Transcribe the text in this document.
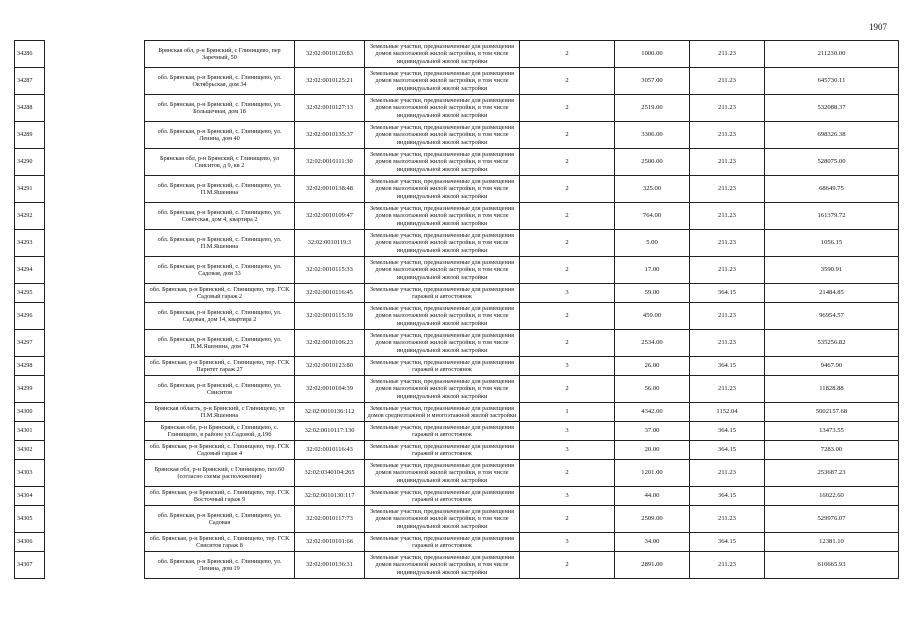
1907
34286		Брянская обл, р-н Брянский, с Глинищево, пер Заречный, 50	32:02:0010120:83	Земельные участки, предназначенные для размещения домов малоэтажной жилой застройки, в том числе индивидуальной жилой застройки	2	1000.00	211.23	211230.00
34287		обл. Брянская, р-н Брянский, с. Глинищево, ул. Октябрьская, дом 34	32:02:0010125:21	Земельные участки, предназначенные для размещения домов малоэтажной жилой застройки, в том числе индивидуальной жилой застройки	2	3057.00	211.23	645730.11
34288		обл. Брянская, р-н Брянский, с. Глинищево, ул. Большечная, дом 18	32:02:0010127:13	Земельные участки, предназначенные для размещения домов малоэтажной жилой застройки, в том числе индивидуальной жилой застройки	2	2519.00	211.23	532088.37
34289		обл. Брянская, р-н Брянский, с. Глинищево, ул. Ленина, дом 40	32:02:0010135:37	Земельные участки, предназначенные для размещения домов малоэтажной жилой застройки, в том числе индивидуальной жилой застройки	2	3306.00	211.23	698326.38
34290		Брянская обл, р-н Брянский, с Глинищево, ул Свиситов, д 9, кв 2	32:02:0010111:30	Земельные участки, предназначенные для размещения домов малоэтажной жилой застройки, в том числе индивидуальной жилой застройки	2	2500.00	211.23	528075.00
34291		обл. Брянская, р-н Брянский, с. Глинищево, ул. П.М.Яшенина	32:02:0010138:48	Земельные участки, предназначенные для размещения домов малоэтажной жилой застройки, в том числе индивидуальной жилой застройки	2	325.00	211.23	68649.75
34292		обл. Брянская, р-н Брянский, с. Глинищево, ул. Советская, дом 4, квартира 2	32:02:0010109:47	Земельные участки, предназначенные для размещения домов малоэтажной жилой застройки, в том числе индивидуальной жилой застройки	2	764.00	211.23	161379.72
34293		обл. Брянская, р-н Брянский, с. Глинищево, ул. П.М.Яшенина	32:02:0010119:3	Земельные участки, предназначенные для размещения домов малоэтажной жилой застройки, в том числе индивидуальной жилой застройки	2	5.00	211.23	1056.15
34294		обл. Брянская, р-н Брянский, с. Глинищево, ул. Садовая, дом 33	32:02:0010115:33	Земельные участки, предназначенные для размещения домов малоэтажной жилой застройки, в том числе индивидуальной жилой застройки	2	17.00	211.23	3590.91
34295		обл. Брянская, р-н Брянский, с. Глинищево, тер. ГСК Садовый гараж 2	32:02:0010116:45	Земельные участки, предназначенные для размещения гаражей и автостоянок	3	59.00	364.15	21484.85
34296		обл. Брянская, р-н Брянский, с. Глинищево, ул. Садовая, дом 14, квартира 2	32:02:0010115:39	Земельные участки, предназначенные для размещения домов малоэтажной жилой застройки, в том числе индивидуальной жилой застройки	2	459.00	211.23	96954.57
34297		обл. Брянская, р-н Брянский, с. Глинищево, ул. П.М.Яшенина, дом 74	32:02:0010106:23	Земельные участки, предназначенные для размещения домов малоэтажной жилой застройки, в том числе индивидуальной жилой застройки	2	2534.00	211.23	535256.82
34298		обл. Брянская, р-н Брянский, с. Глинищево, тер. ГСК Паритет гараж 27	32:02:0010123:80	Земельные участки, предназначенные для размещения гаражей и автостоянок	3	26.00	364.15	9467.90
34299		обл. Брянская, р-н Брянский, с. Глинищево, ул. Свиситов	32:02:0010104:39	Земельные участки, предназначенные для размещения домов малоэтажной жилой застройки, в том числе индивидуальной жилой застройки	2	56.00	211.23	11828.88
34300		Брянская область, р-н Брянский, с Глинищево, ул П.М.Яшенина	32:02:0010136:112	Земельные участки, предназначенные для размещения домов среднеэтажной и многоэтажной жилой застройки	1	4342.00	1152.04	5002157.68
34301		Брянская обл, р-н Брянский, с Глинищево, с. Глинищево, в районе ул.Садовой, д.19б	32:02:0010117:130	Земельные участки, предназначенные для размещения гаражей и автостоянок	3	37.00	364.15	13473.55
34302		обл. Брянская, р-н Брянский, с. Глинищево, тер. ГСК Садовый гараж 4	32:02:0010116:43	Земельные участки, предназначенные для размещения гаражей и автостоянок	3	20.00	364.15	7283.00
34303		Брянская обл, р-н Брянский, с Глинищево, поз.60 (согласно схемы расположения)	32:02:0340104:265	Земельные участки, предназначенные для размещения домов малоэтажной жилой застройки, в том числе индивидуальной жилой застройки	2	1201.00	211.23	253687.23
34304		обл. Брянская, р-н Брянский, с. Глинищево, тер. ГСК Восточный гараж 9	32:02:0010130:117	Земельные участки, предназначенные для размещения гаражей и автостоянок	3	44.00	364.15	16022.60
34305		обл. Брянская, р-н Брянский, с. Глинищево, ул. Садовая	32:02:0010117:73	Земельные участки, предназначенные для размещения домов малоэтажной жилой застройки, в том числе индивидуальной жилой застройки	2	2509.00	211.23	529976.07
34306		обл. Брянская, р-н Брянский, с. Глинищево, тер. ГСК Свиситов гараж 8	32:02:0010101:66	Земельные участки, предназначенные для размещения гаражей и автостоянок	3	34.00	364.15	12381.10
34307		обл. Брянская, р-н Брянский, с. Глинищево, ул. Ленина, дом 19	32:02:0010136:31	Земельные участки, предназначенные для размещения домов малоэтажной жилой застройки, в том числе индивидуальной жилой застройки	2	2891.00	211.23	610665.93
